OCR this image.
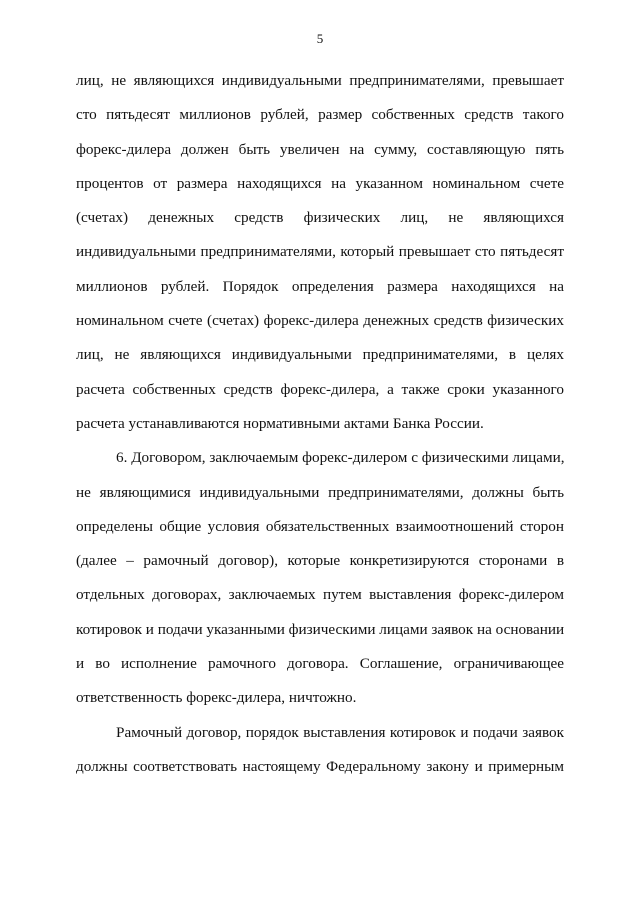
5
лиц, не являющихся индивидуальными предпринимателями, превышает
сто пятьдесят миллионов рублей, размер собственных средств такого
форекс-дилера должен быть увеличен на сумму, составляющую пять
процентов от размера находящихся на указанном номинальном счете
(счетах) денежных средств физических лиц, не являющихся
индивидуальными предпринимателями, который превышает сто пятьдесят
миллионов рублей. Порядок определения размера находящихся на
номинальном счете (счетах) форекс-дилера денежных средств физических
лиц, не являющихся индивидуальными предпринимателями, в целях
расчета собственных средств форекс-дилера, а также сроки указанного
расчета устанавливаются нормативными актами Банка России.
6. Договором, заключаемым форекс-дилером с физическими лицами,
не являющимися индивидуальными предпринимателями, должны быть
определены общие условия обязательственных взаимоотношений сторон
(далее – рамочный договор), которые конкретизируются сторонами в
отдельных договорах, заключаемых путем выставления форекс-дилером
котировок и подачи указанными физическими лицами заявок на основании
и во исполнение рамочного договора. Соглашение, ограничивающее
ответственность форекс-дилера, ничтожно.
Рамочный договор, порядок выставления котировок и подачи заявок
должны соответствовать настоящему Федеральному закону и примерным
